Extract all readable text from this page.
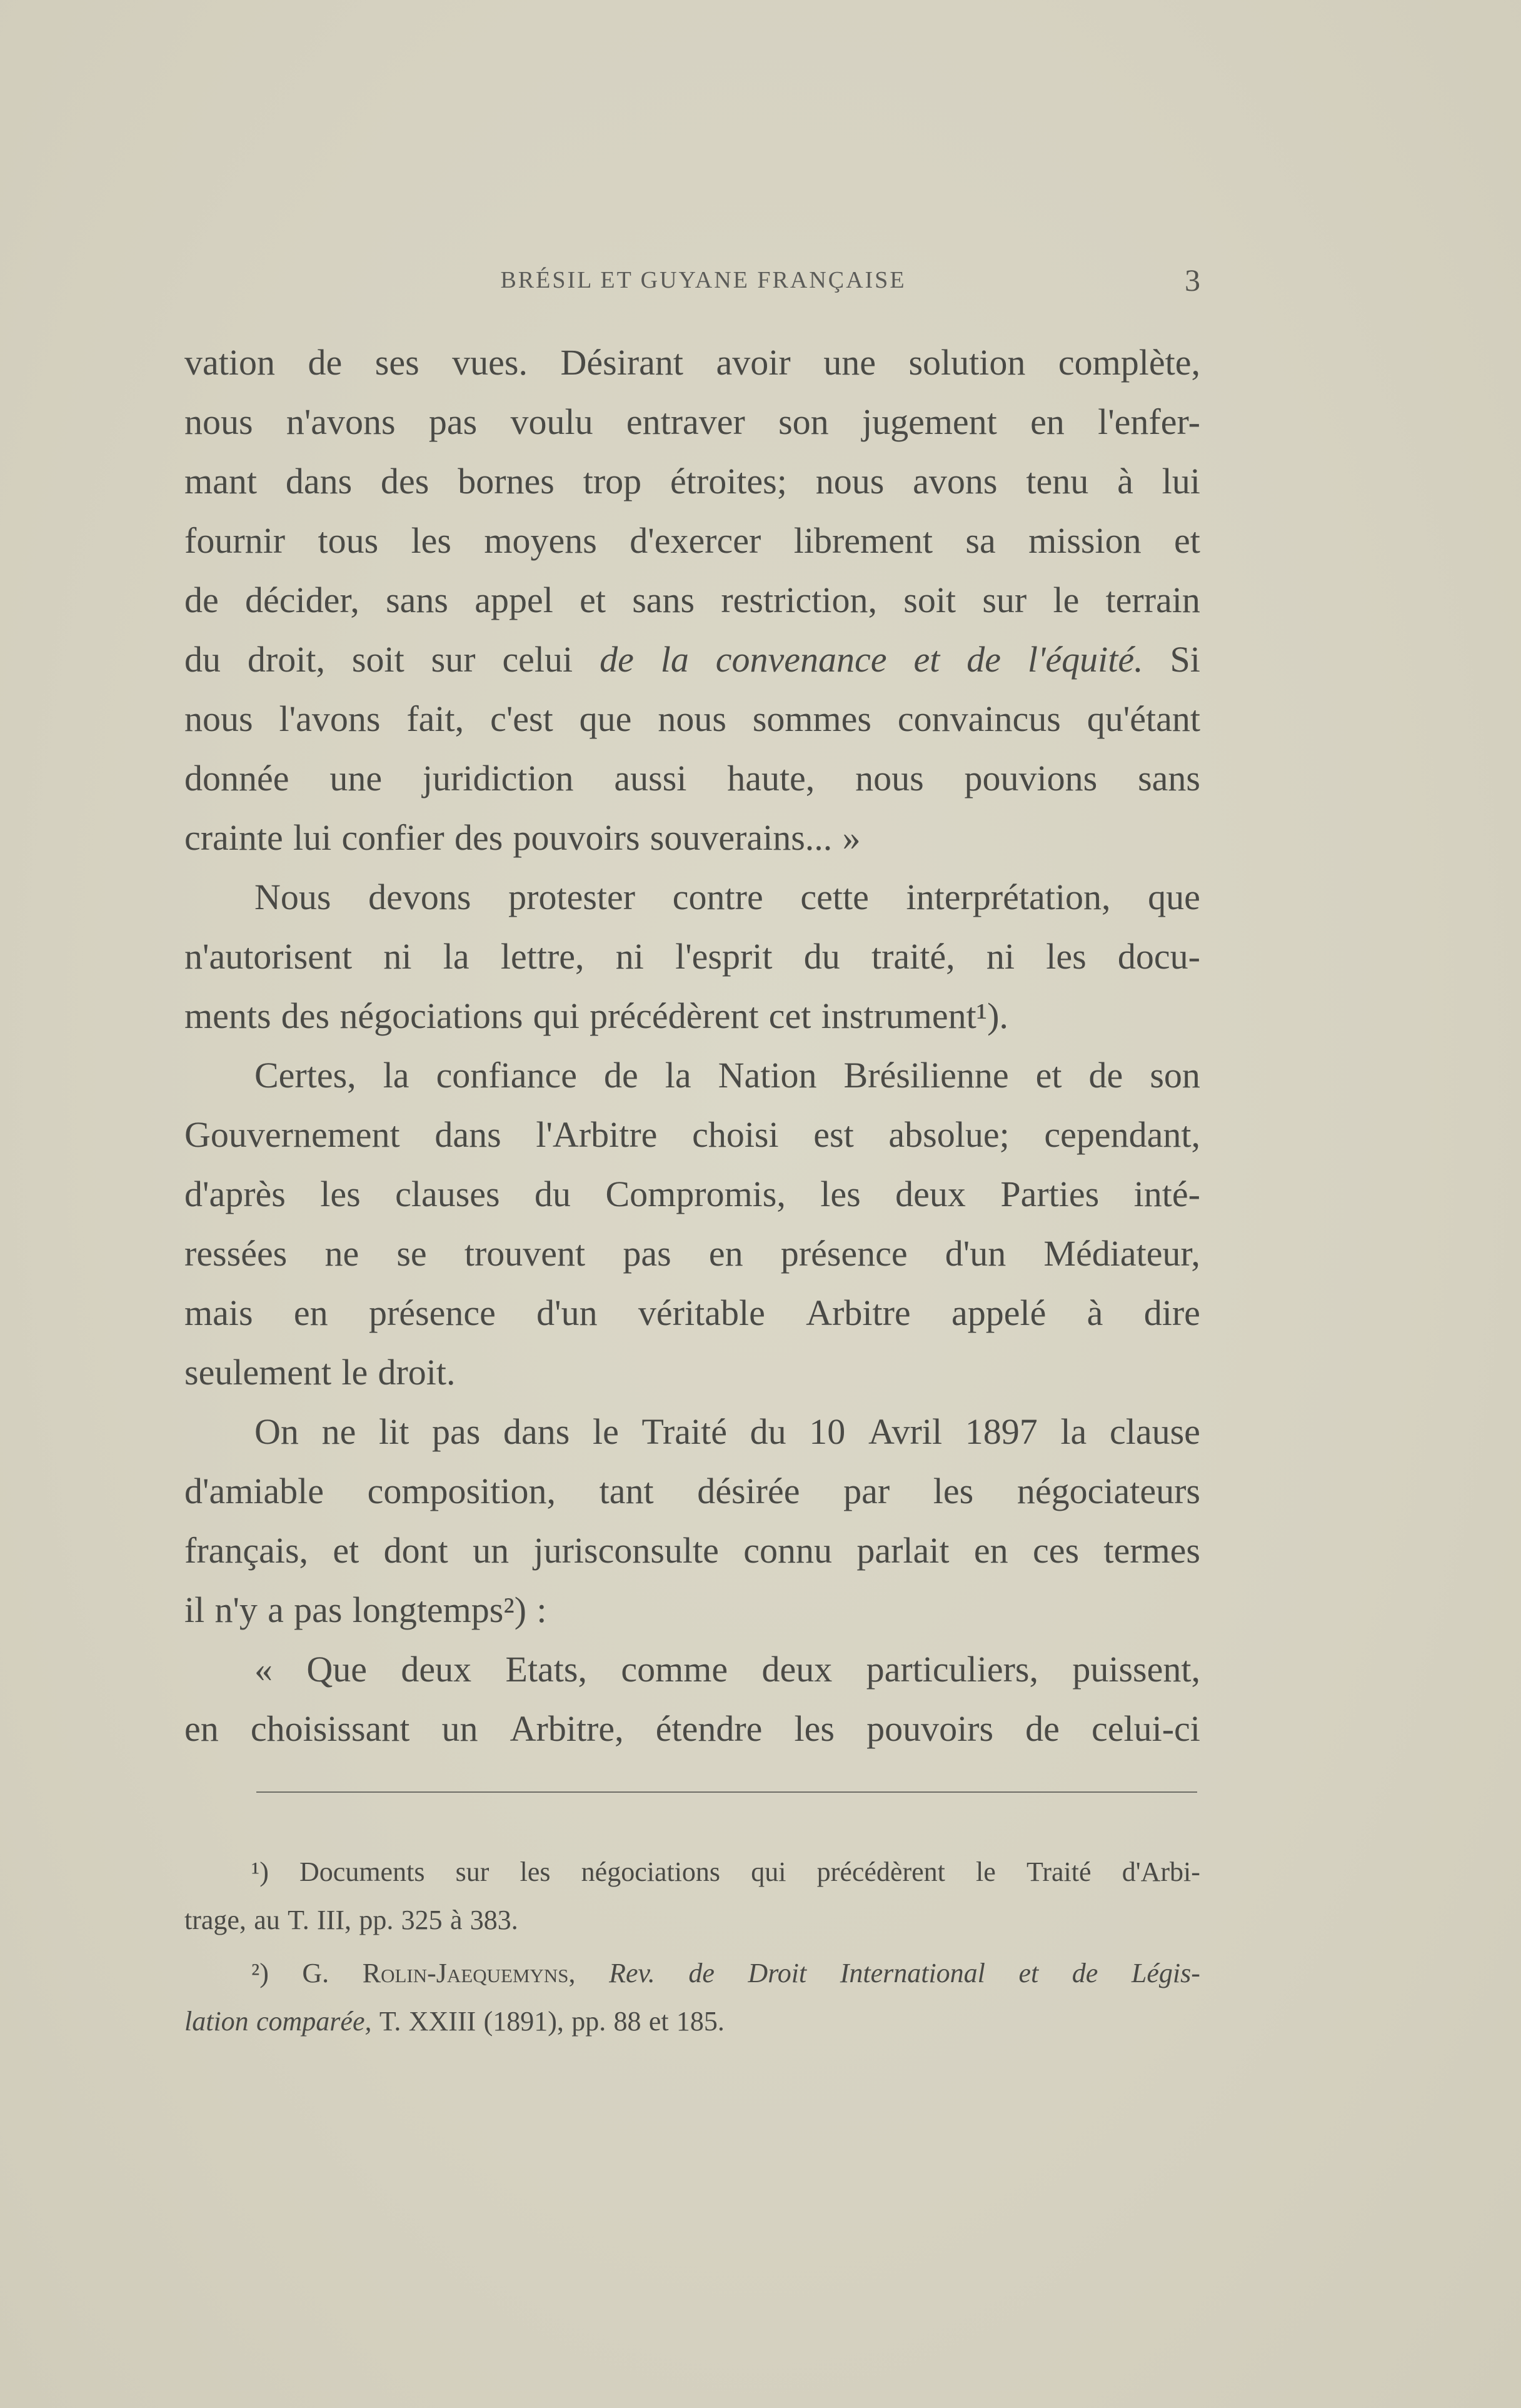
BRÉSIL ET GUYANE FRANÇAISE	3
vation de ses vues. Désirant avoir une solution complète,
nous n'avons pas voulu entraver son jugement en l'enfer-
mant dans des bornes trop étroites; nous avons tenu à lui
fournir tous les moyens d'exercer librement sa mission et
de décider, sans appel et sans restriction, soit sur le terrain
du droit, soit sur celui de la convenance et de l'équité. Si
nous l'avons fait, c'est que nous sommes convaincus qu'étant
donnée une juridiction aussi haute, nous pouvions sans
crainte lui confier des pouvoirs souverains... »
Nous devons protester contre cette interprétation, que
n'autorisent ni la lettre, ni l'esprit du traité, ni les docu-
ments des négociations qui précédèrent cet instrument¹).
Certes, la confiance de la Nation Brésilienne et de son
Gouvernement dans l'Arbitre choisi est absolue; cependant,
d'après les clauses du Compromis, les deux Parties inté-
ressées ne se trouvent pas en présence d'un Médiateur,
mais en présence d'un véritable Arbitre appelé à dire
seulement le droit.
On ne lit pas dans le Traité du 10 Avril 1897 la clause
d'amiable composition, tant désirée par les négociateurs
français, et dont un jurisconsulte connu parlait en ces termes
il n'y a pas longtemps²) :
« Que deux Etats, comme deux particuliers, puissent,
en choisissant un Arbitre, étendre les pouvoirs de celui-ci
¹) Documents sur les négociations qui précédèrent le Traité d'Arbi-
trage, au T. III, pp. 325 à 383.
²) G. Rolin-Jaequemyns, Rev. de Droit International et de Légis-
lation comparée, T. XXIII (1891), pp. 88 et 185.
